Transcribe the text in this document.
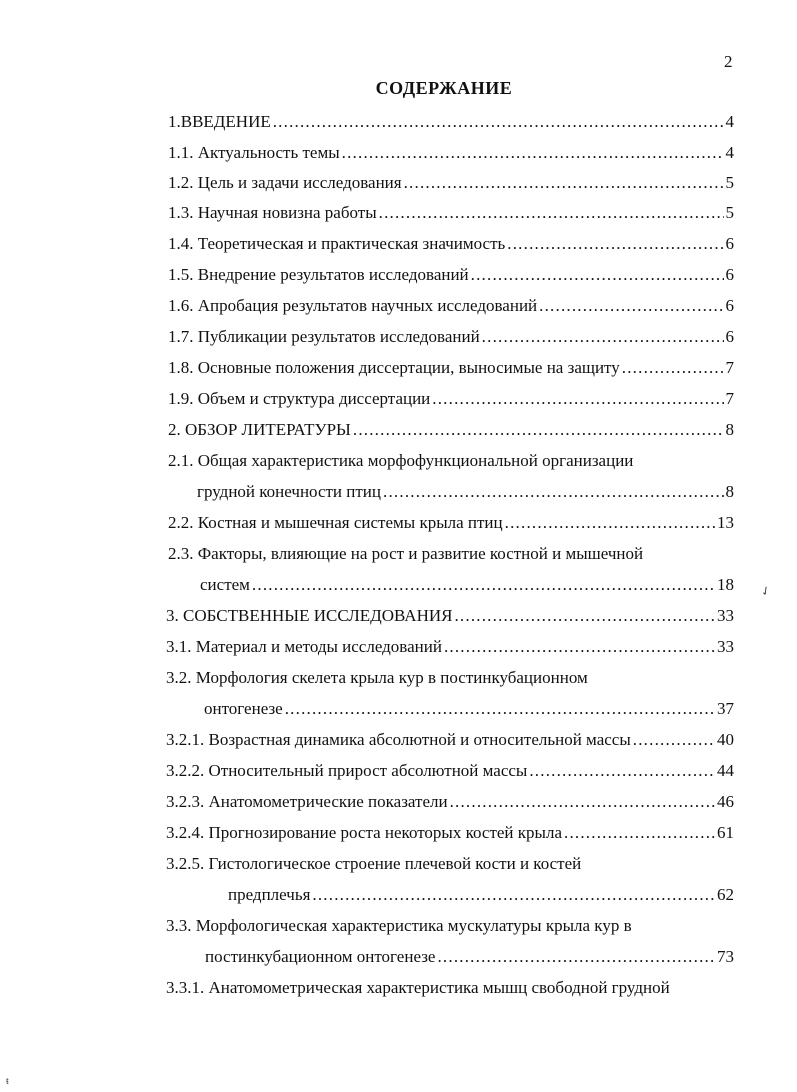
2
СОДЕРЖАНИЕ
1.ВВЕДЕНИЕ .....	4
1.1. Актуальность темы .....	4
1.2. Цель и задачи исследования .....	5
1.3. Научная новизна работы .....	5
1.4. Теоретическая и практическая значимость .....	6
1.5. Внедрение результатов исследований .....	6
1.6. Апробация результатов научных исследований .....	6
1.7. Публикации результатов исследований .....	6
1.8. Основные положения диссертации, выносимые на защиту .....	7
1.9. Объем и структура диссертации .....	7
2. ОБЗОР ЛИТЕРАТУРЫ .....	8
2.1. Общая характеристика морфофункциональной организации
грудной конечности птиц .....	8
2.2. Костная и мышечная системы крыла птиц .....	13
2.3. Факторы, влияющие на рост и развитие костной и мышечной
систем .....	18
3. СОБСТВЕННЫЕ ИССЛЕДОВАНИЯ .....	33
3.1. Материал и методы исследований .....	33
3.2. Морфология скелета крыла кур в постинкубационном
онтогенезе .....	37
3.2.1. Возрастная динамика абсолютной и относительной массы .....	40
3.2.2. Относительный прирост абсолютной массы .....	44
3.2.3. Анатомометрические показатели .....	46
3.2.4. Прогнозирование роста некоторых костей крыла .....	61
3.2.5. Гистологическое строение плечевой кости и костей
предплечья .....	62
3.3. Морфологическая характеристика мускулатуры крыла кур в
постинкубационном онтогенезе .....	73
3.3.1. Анатомометрическая характеристика мышц свободной грудной
✓
ŧ
